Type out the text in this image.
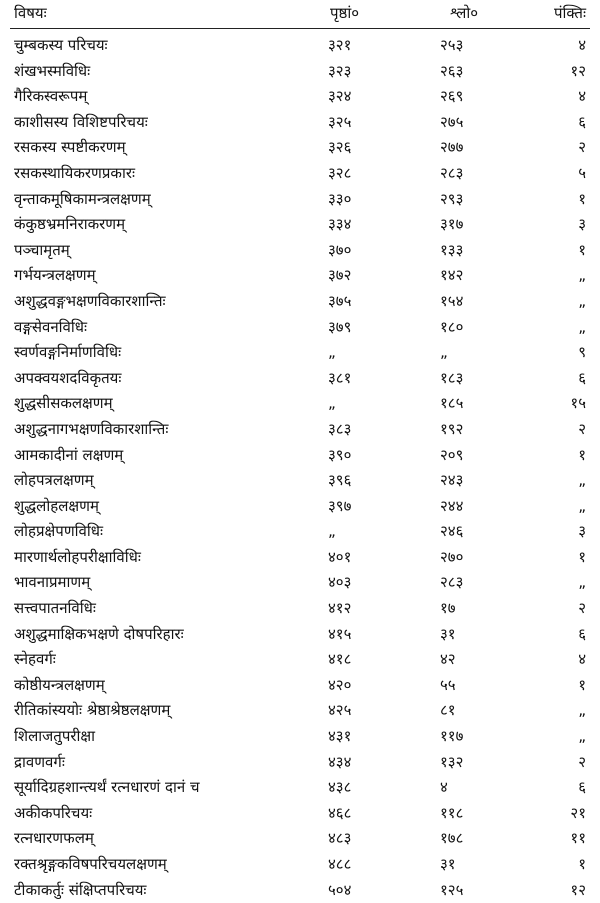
विषयः	पृष्ठां०	श्लो०	पंक्तिः
चुम्बकस्य परिचयः	३२१	२५३	४
शंखभस्मविधिः	३२३	२६३	१२
गैरिकस्वरूपम्	३२४	२६९	४
काशीसस्य विशिष्टपरिचयः	३२५	२७५	६
रसकस्य स्पष्टीकरणम्	३२६	२७७	२
रसकस्थायिकरणप्रकारः	३२८	२८३	५
वृन्ताकमूषिकामन्त्रलक्षणम्	३३०	२९३	१
कंकुष्ठभ्रमनिराकरणम्	३३४	३१७	३
पञ्चामृतम्	३७०	१३३	१
गर्भयन्त्रलक्षणम्	३७२	१४२	„
अशुद्धवङ्गभक्षणविकारशान्तिः	३७५	१५४	„
वङ्गसेवनविधिः	३७९	१८०	„
स्वर्णवङ्गनिर्माणविधिः	„	„	९
अपक्वयशदविकृतयः	३८१	१८३	६
शुद्धसीसकलक्षणम्	„	१८५	१५
अशुद्धनागभक्षणविकारशान्तिः	३८३	१९२	२
आमकादीनां लक्षणम्	३९०	२०९	१
लोहपत्रलक्षणम्	३९६	२४३	„
शुद्धलोहलक्षणम्	३९७	२४४	„
लोहप्रक्षेपणविधिः	„	२४६	३
मारणार्थलोहपरीक्षाविधिः	४०१	२७०	१
भावनाप्रमाणम्	४०३	२८३	„
सत्त्वपातनविधिः	४१२	१७	२
अशुद्धमाक्षिकभक्षणे दोषपरिहारः	४१५	३१	६
स्नेहवर्गः	४१८	४२	४
कोष्ठीयन्त्रलक्षणम्	४२०	५५	१
रीतिकांस्ययोः श्रेष्ठाश्रेष्ठलक्षणम्	४२५	८१	„
शिलाजतुपरीक्षा	४३१	११७	„
द्रावणवर्गः	४३४	१३२	२
सूर्यादिग्रहशान्त्यर्थं रत्नधारणं दानं च	४३८	४	६
अकीकपरिचयः	४६८	११८	२१
रत्नधारणफलम्	४८३	१७८	११
रक्तश्रृङ्गकविषपरिचयलक्षणम्	४८८	३१	१
टीकाकर्तुः संक्षिप्तपरिचयः	५०४	१२५	१२
